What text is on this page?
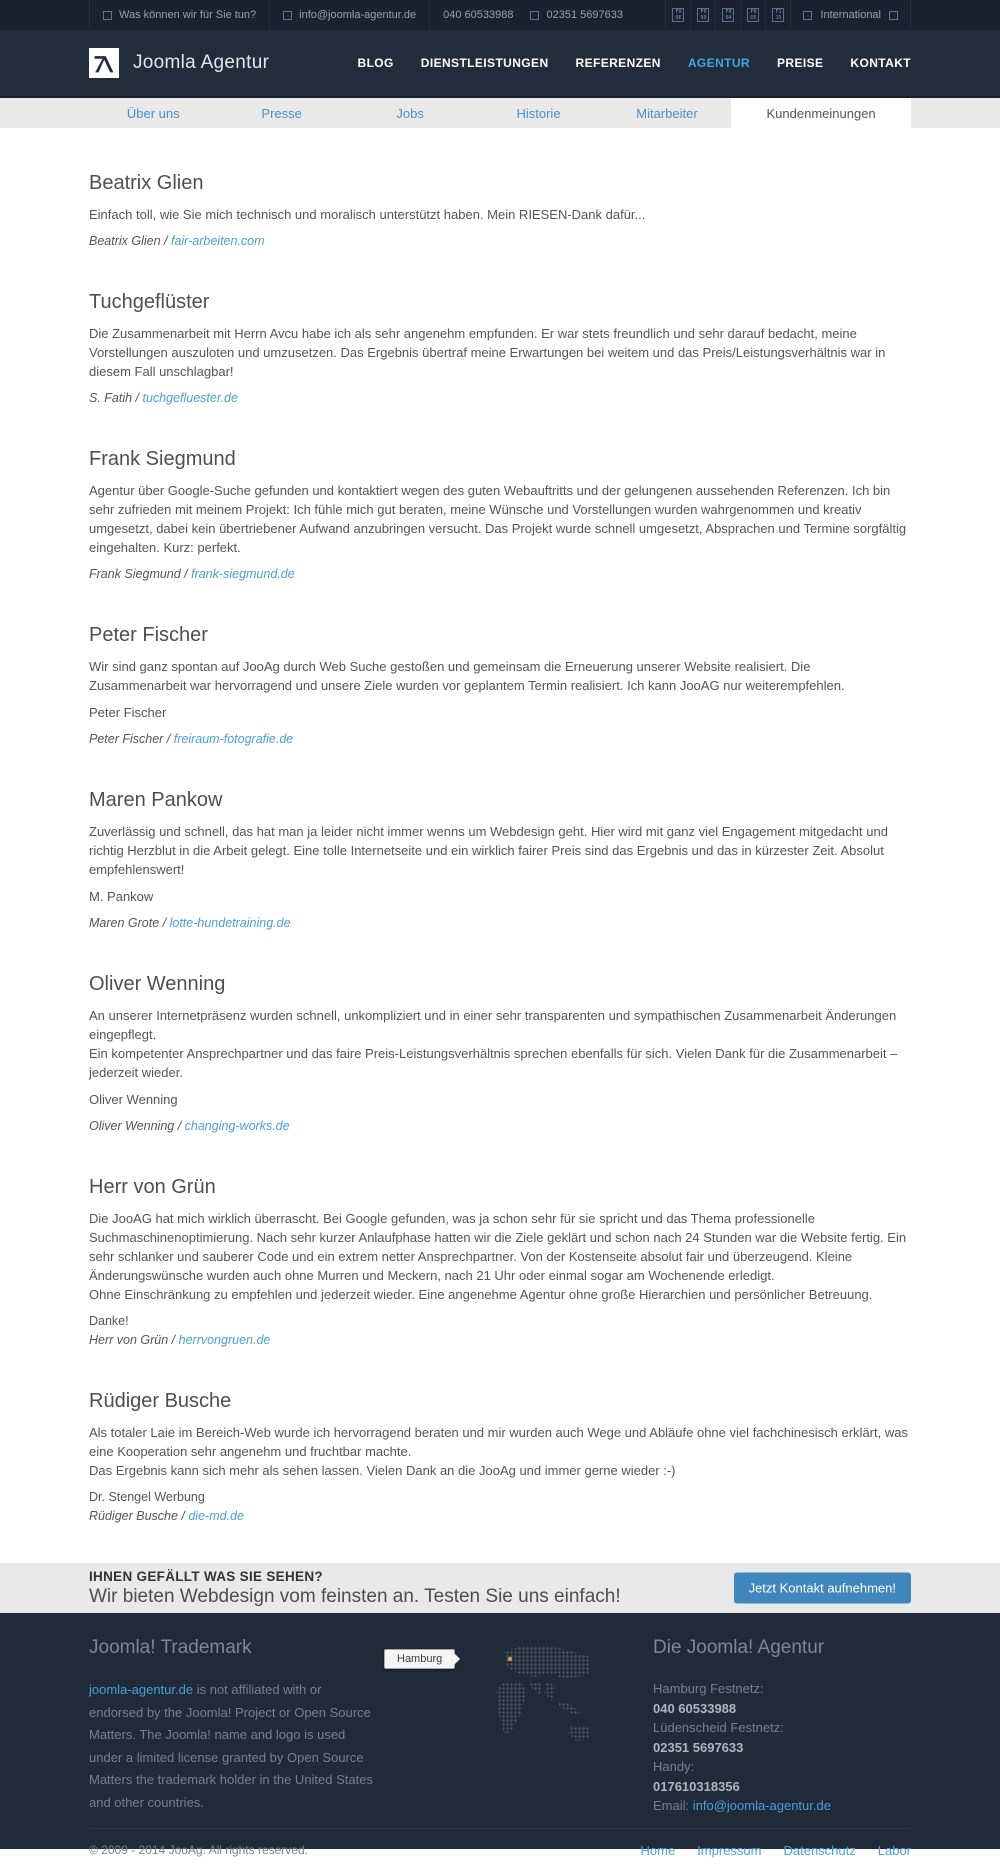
Was können wir für Sie tun?	info@joomla-agentur.de 040 60533988	02351 5697633	F0
9E
F0
99
F0
9A
F0
D5
F1
15	International
Joomla Agentur	BLOG DIENSTLEISTUNGEN REFERENZEN AGENTUR PREISE KONTAKT
Über uns	Presse	Jobs	Historie	Mitarbeiter	Kundenmeinungen
Beatrix Glien

Einfach toll, wie Sie mich technisch und moralisch unterstützt haben. Mein RIESEN-Dank dafür...

Beatrix Glien / fair-arbeiten.com

Tuchgeflüster

Die Zusammenarbeit mit Herrn Avcu habe ich als sehr angenehm empfunden. Er war stets freundlich und sehr darauf bedacht, meine Vorstellungen auszuloten und umzusetzen. Das Ergebnis übertraf meine Erwartungen bei weitem und das Preis/Leistungsverhältnis war in diesem Fall unschlagbar!

S. Fatih / tuchgefluester.de

Frank Siegmund

Agentur über Google-Suche gefunden und kontaktiert wegen des guten Webauftritts und der gelungenen aussehenden Referenzen. Ich bin sehr zufrieden mit meinem Projekt: Ich fühle mich gut beraten, meine Wünsche und Vorstellungen wurden wahrgenommen und kreativ umgesetzt, dabei kein übertriebener Aufwand anzubringen versucht. Das Projekt wurde schnell umgesetzt, Absprachen und Termine sorgfältig eingehalten. Kurz: perfekt.

Frank Siegmund / frank-siegmund.de

Peter Fischer

Wir sind ganz spontan auf JooAg durch Web Suche gestoßen und gemeinsam die Erneuerung unserer Website realisiert. Die Zusammenarbeit war hervorragend und unsere Ziele wurden vor geplantem Termin realisiert. Ich kann JooAG nur weiterempfehlen.

Peter Fischer

Peter Fischer / freiraum-fotografie.de

Maren Pankow

Zuverlässig und schnell, das hat man ja leider nicht immer wenns um Webdesign geht. Hier wird mit ganz viel Engagement mitgedacht und richtig Herzblut in die Arbeit gelegt. Eine tolle Internetseite und ein wirklich fairer Preis sind das Ergebnis und das in kürzester Zeit. Absolut empfehlenswert!

M. Pankow

Maren Grote / lotte-hundetraining.de

Oliver Wenning

An unserer Internetpräsenz wurden schnell, unkompliziert und in einer sehr transparenten und sympathischen Zusammenarbeit Änderungen eingepflegt.
Ein kompetenter Ansprechpartner und das faire Preis-Leistungsverhältnis sprechen ebenfalls für sich. Vielen Dank für die Zusammenarbeit – jederzeit wieder.

Oliver Wenning

Oliver Wenning / changing-works.de

Herr von Grün

Die JooAG hat mich wirklich überrascht. Bei Google gefunden, was ja schon sehr für sie spricht und das Thema professionelle Suchmaschinenoptimierung. Nach sehr kurzer Anlaufphase hatten wir die Ziele geklärt und schon nach 24 Stunden war die Website fertig. Ein sehr schlanker und sauberer Code und ein extrem netter Ansprechpartner. Von der Kostenseite absolut fair und überzeugend. Kleine Änderungswünsche wurden auch ohne Murren und Meckern, nach 21 Uhr oder einmal sogar am Wochenende erledigt.
Ohne Einschränkung zu empfehlen und jederzeit wieder. Eine angenehme Agentur ohne große Hierarchien und persönlicher Betreuung.

Danke!
Herr von Grün / herrvongruen.de

Rüdiger Busche

Als totaler Laie im Bereich-Web wurde ich hervorragend beraten und mir wurden auch Wege und Abläufe ohne viel fachchinesisch erklärt, was eine Kooperation sehr angenehm und fruchtbar machte.
Das Ergebnis kann sich mehr als sehen lassen. Vielen Dank an die JooAg und immer gerne wieder :-)

Dr. Stengel Werbung
Rüdiger Busche / die-md.de

IHNEN GEFÄLLT WAS SIE SEHEN?

Wir bieten Webdesign vom feinsten an. Testen Sie uns einfach!	Jetzt Kontakt aufnehmen!
Joomla! Trademark

joomla-agentur.de is not affiliated with or endorsed by the Joomla! Project or Open Source Matters. The Joomla! name and logo is used under a limited license granted by Open Source Matters the trademark holder in the United States and other countries.

Hamburg
Die Joomla! Agentur
Hamburg Festnetz:
040 60533988
Lüdenscheid Festnetz:
02351 5697633
Handy:
017610318356
Email: info@joomla-agentur.de
© 2009 - 2014 JooAg. All rights reserved.	Home Impressum Datenschutz Labor
